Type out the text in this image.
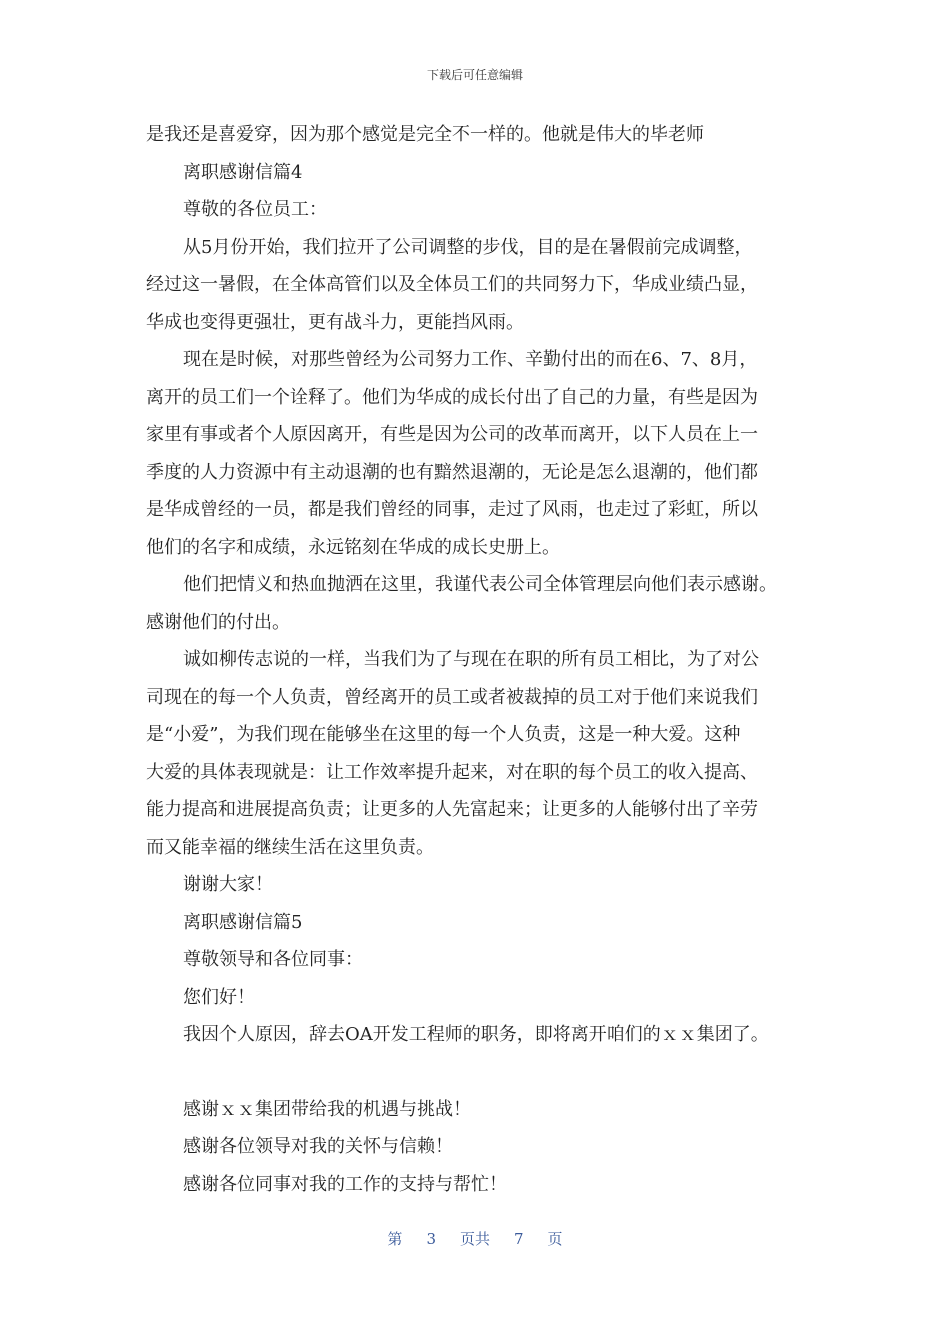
下载后可任意编辑
是我还是喜爱穿，因为那个感觉是完全不一样的。他就是伟大的毕老师
离职感谢信篇4
尊敬的各位员工：
从5月份开始，我们拉开了公司调整的步伐，目的是在暑假前完成调整，
经过这一暑假，在全体高管们以及全体员工们的共同努力下，华成业绩凸显，
华成也变得更强壮，更有战斗力，更能挡风雨。
现在是时候，对那些曾经为公司努力工作、辛勤付出的而在6、7、8月，
离开的员工们一个诠释了。他们为华成的成长付出了自己的力量，有些是因为
家里有事或者个人原因离开，有些是因为公司的改革而离开，以下人员在上一
季度的人力资源中有主动退潮的也有黯然退潮的，无论是怎么退潮的，他们都
是华成曾经的一员，都是我们曾经的同事，走过了风雨，也走过了彩虹，所以
他们的名字和成绩，永远铭刻在华成的成长史册上。
他们把情义和热血抛洒在这里，我谨代表公司全体管理层向他们表示感谢。
感谢他们的付出。
诚如柳传志说的一样，当我们为了与现在在职的所有员工相比，为了对公
司现在的每一个人负责，曾经离开的员工或者被裁掉的员工对于他们来说我们
是“小爱”，为我们现在能够坐在这里的每一个人负责，这是一种大爱。这种
大爱的具体表现就是：让工作效率提升起来，对在职的每个员工的收入提高、
能力提高和进展提高负责；让更多的人先富起来；让更多的人能够付出了辛劳
而又能幸福的继续生活在这里负责。
谢谢大家！
离职感谢信篇5
尊敬领导和各位同事：
您们好！
我因个人原因，辞去OA开发工程师的职务，即将离开咱们的ｘｘ集团了。
感谢ｘｘ集团带给我的机遇与挑战！
感谢各位领导对我的关怀与信赖！
感谢各位同事对我的工作的支持与帮忙！
第 3 页共 7 页
